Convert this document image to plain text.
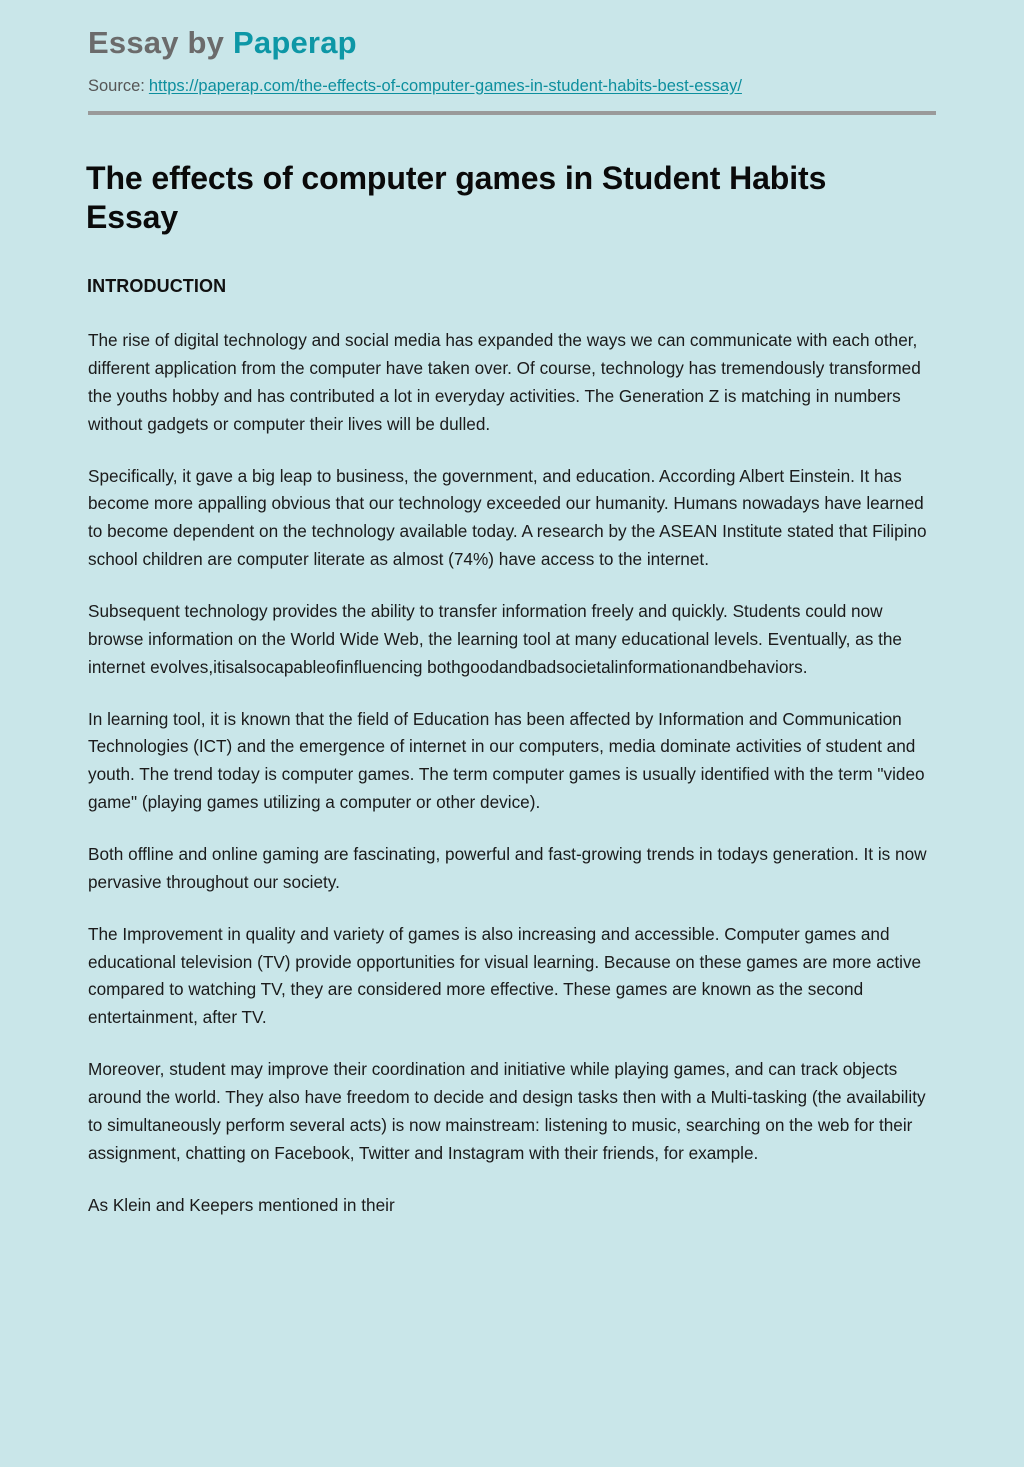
Essay by Paperap
Source: https://paperap.com/the-effects-of-computer-games-in-student-habits-best-essay/
The effects of computer games in Student Habits Essay
INTRODUCTION

The rise of digital technology and social media has expanded the ways we can communicate with each other, different application from the computer have taken over. Of course, technology has tremendously transformed the youths hobby and has contributed a lot in everyday activities. The Generation Z is matching in numbers without gadgets or computer their lives will be dulled.

Specifically, it gave a big leap to business, the government, and education. According Albert Einstein. It has become more appalling obvious that our technology exceeded our humanity. Humans nowadays have learned to become dependent on the technology available today. A research by the ASEAN Institute stated that Filipino school children are computer literate as almost (74%) have access to the internet.

Subsequent technology provides the ability to transfer information freely and quickly. Students could now browse information on the World Wide Web, the learning tool at many educational levels. Eventually, as the internet evolves,itisalsocapableofinfluencing bothgoodandbadsocietalinformationandbehaviors.

In learning tool, it is known that the field of Education has been affected by Information and Communication Technologies (ICT) and the emergence of internet in our computers, media dominate activities of student and youth. The trend today is computer games. The term computer games is usually identified with the term "video game" (playing games utilizing a computer or other device).

Both offline and online gaming are fascinating, powerful and fast-growing trends in todays generation. It is now pervasive throughout our society.

The Improvement in quality and variety of games is also increasing and accessible. Computer games and educational television (TV) provide opportunities for visual learning. Because on these games are more active compared to watching TV, they are considered more effective. These games are known as the second entertainment, after TV.

Moreover, student may improve their coordination and initiative while playing games, and can track objects around the world. They also have freedom to decide and design tasks then with a Multi-tasking (the availability to simultaneously perform several acts) is now mainstream: listening to music, searching on the web for their assignment, chatting on Facebook, Twitter and Instagram with their friends, for example.

As Klein and Keepers mentioned in their
